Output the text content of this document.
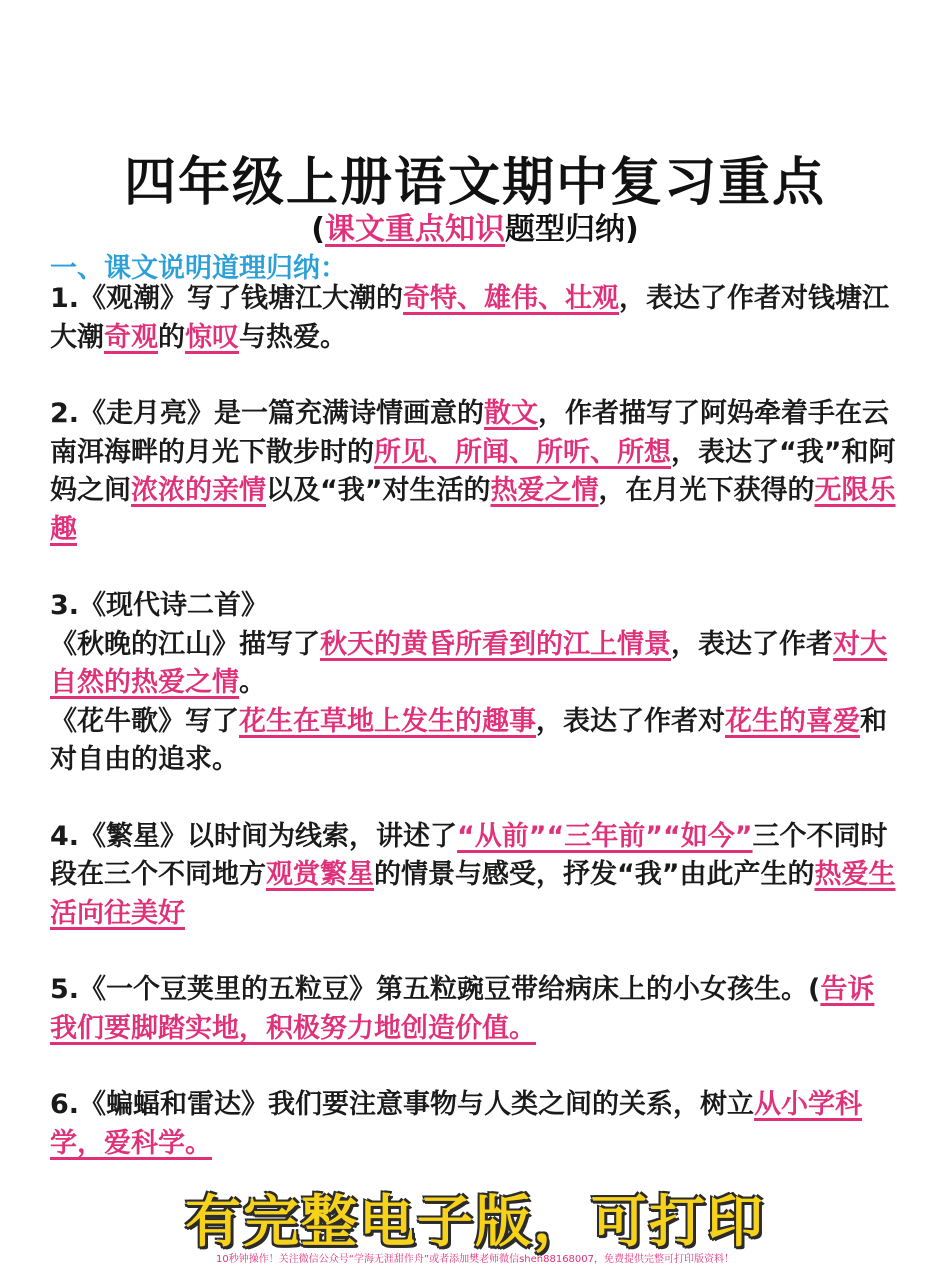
四年级上册语文期中复习重点
(课文重点知识题型归纳)
一、课文说明道理归纳：

1.《观潮》写了钱塘江大潮的奇特、雄伟、壮观，表达了作者对钱塘江大潮奇观的惊叹与热爱。

2.《走月亮》是一篇充满诗情画意的散文，作者描写了阿妈牵着手在云南洱海畔的月光下散步时的所见、所闻、所听、所想，表达了“我”和阿妈之间浓浓的亲情以及“我”对生活的热爱之情，在月光下获得的无限乐趣

3.《现代诗二首》

《秋晚的江山》描写了秋天的黄昏所看到的江上情景，表达了作者对大自然的热爱之情。

《花牛歌》写了花生在草地上发生的趣事，表达了作者对花生的喜爱和对自由的追求。

4.《繁星》以时间为线索，讲述了“从前”“三年前”“如今”三个不同时段在三个不同地方观赏繁星的情景与感受，抒发“我”由此产生的热爱生活向往美好

5.《一个豆荚里的五粒豆》第五粒豌豆带给病床上的小女孩生。(告诉我们要脚踏实地，积极努力地创造价值。

6.《蝙蝠和雷达》我们要注意事物与人类之间的关系，树立从小学科学，爱科学。

有完整电子版，可打印
10秒钟操作！关注微信公众号“学海无涯甜作舟”或者添加樊老师微信shen88168007，免费提供完整可打印版资料！
